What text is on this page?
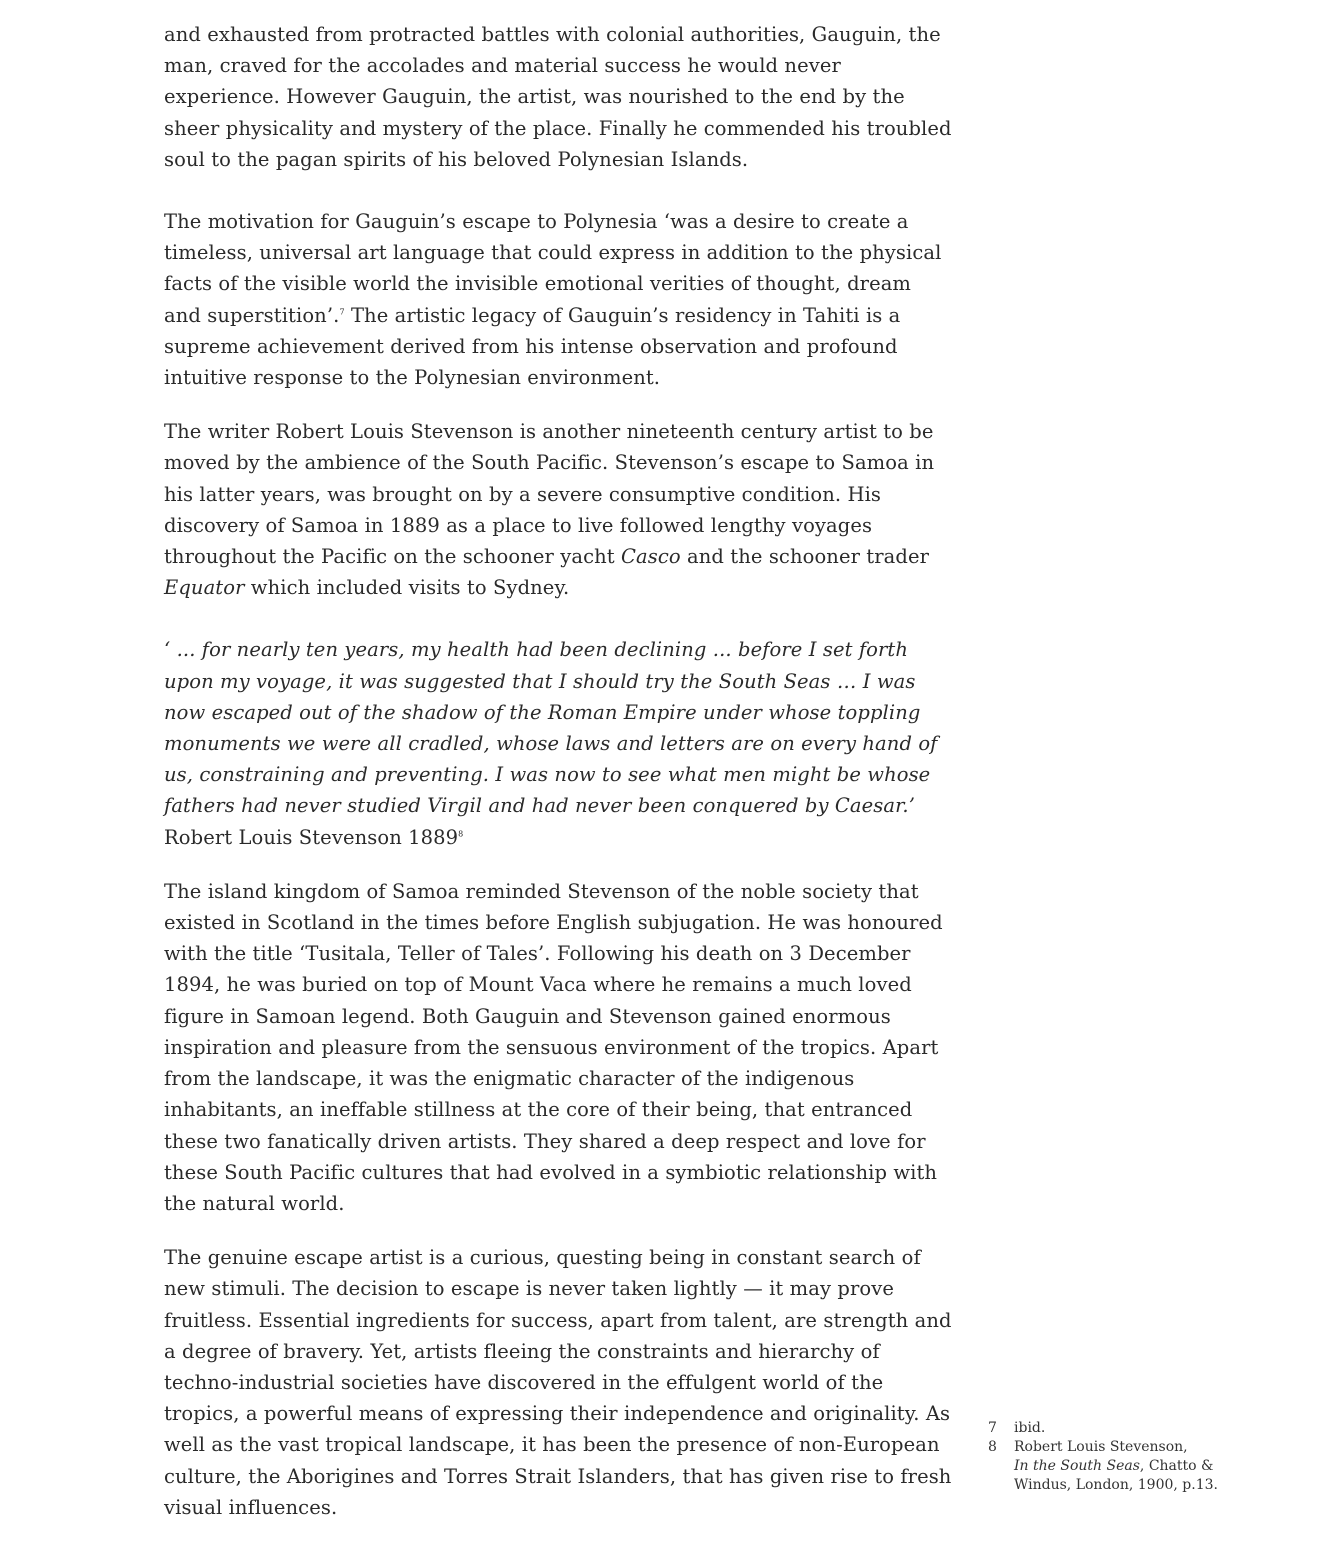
and exhausted from protracted battles with colonial authorities, Gauguin, the man, craved for the accolades and material success he would never experience. However Gauguin, the artist, was nourished to the end by the sheer physicality and mystery of the place. Finally he commended his troubled soul to the pagan spirits of his beloved Polynesian Islands.

The motivation for Gauguin’s escape to Polynesia ‘was a desire to create a timeless, universal art language that could express in addition to the physical facts of the visible world the invisible emotional verities of thought, dream and superstition’.$^7$ The artistic legacy of Gauguin’s residency in Tahiti is a supreme achievement derived from his intense observation and profound intuitive response to the Polynesian environment.

The writer Robert Louis Stevenson is another nineteenth century artist to be moved by the ambience of the South Pacific. Stevenson’s escape to Samoa in his latter years, was brought on by a severe consumptive condition. His discovery of Samoa in 1889 as a place to live followed lengthy voyages throughout the Pacific on the schooner yacht Casco and the schooner trader Equator which included visits to Sydney.

‘ ... for nearly ten years, my health had been declining ... before I set forth upon my voyage, it was suggested that I should try the South Seas … I was now escaped out of the shadow of the Roman Empire under whose toppling monuments we were all cradled, whose laws and letters are on every hand of us, constraining and preventing. I was now to see what men might be whose fathers had never studied Virgil and had never been conquered by Caesar.’

Robert Louis Stevenson 1889$^8$

The island kingdom of Samoa reminded Stevenson of the noble society that existed in Scotland in the times before English subjugation. He was honoured with the title ‘Tusitala, Teller of Tales’. Following his death on 3 December 1894, he was buried on top of Mount Vaca where he remains a much loved figure in Samoan legend. Both Gauguin and Stevenson gained enormous inspiration and pleasure from the sensuous environment of the tropics. Apart from the landscape, it was the enigmatic character of the indigenous inhabitants, an ineffable stillness at the core of their being, that entranced these two fanatically driven artists. They shared a deep respect and love for these South Pacific cultures that had evolved in a symbiotic relationship with the natural world.

The genuine escape artist is a curious, questing being in constant search of new stimuli. The decision to escape is never taken lightly — it may prove fruitless. Essential ingredients for success, apart from talent, are strength and a degree of bravery. Yet, artists fleeing the constraints and hierarchy of techno-industrial societies have discovered in the effulgent world of the tropics, a powerful means of expressing their independence and originality. As well as the vast tropical landscape, it has been the presence of non-European culture, the Aborigines and Torres Strait Islanders, that has given rise to fresh visual influences.

7	ibid.
8	Robert Louis Stevenson,
In the South Seas, Chatto & Windus, London, 1900, p.13.
